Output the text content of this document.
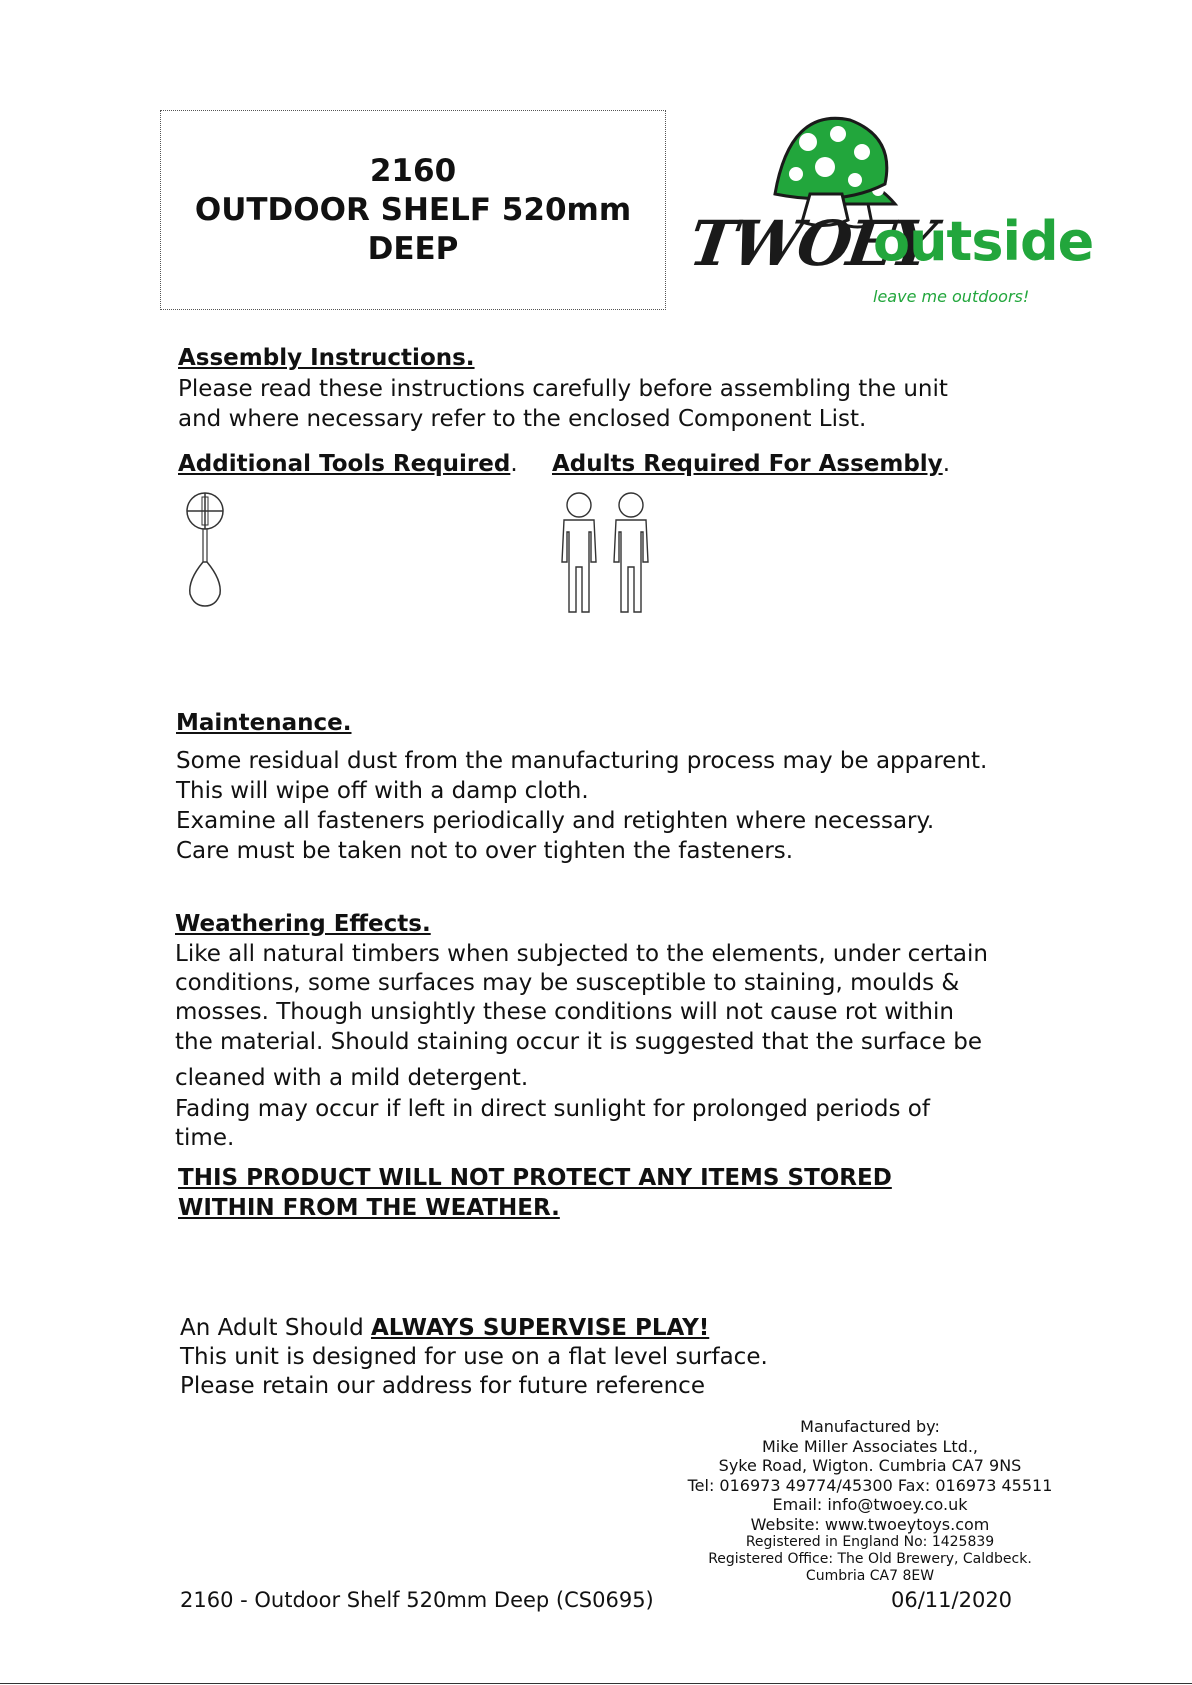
2160
OUTDOOR SHELF 520mm
DEEP	TWOEY
outside
leave me outdoors!
Assembly Instructions.
Please read these instructions carefully before assembling the unit
and where necessary refer to the enclosed Component List.
Additional Tools Required. Adults Required For Assembly.
Maintenance.
Some residual dust from the manufacturing process may be apparent.
This will wipe off with a damp cloth.
Examine all fasteners periodically and retighten where necessary.
Care must be taken not to over tighten the fasteners.
Weathering Effects.
Like all natural timbers when subjected to the elements, under certain
conditions, some surfaces may be susceptible to staining, moulds &
mosses. Though unsightly these conditions will not cause rot within
the material. Should staining occur it is suggested that the surface be
cleaned with a mild detergent.
Fading may occur if left in direct sunlight for prolonged periods of
time.
THIS PRODUCT WILL NOT PROTECT ANY ITEMS STORED
WITHIN FROM THE WEATHER.
An Adult Should ALWAYS SUPERVISE PLAY!
This unit is designed for use on a flat level surface.
Please retain our address for future reference
Manufactured by:
Mike Miller Associates Ltd.,
Syke Road, Wigton. Cumbria CA7 9NS
Tel: 016973 49774/45300 Fax: 016973 45511
Email: info@twoey.co.uk
Website: www.twoeytoys.com
Registered in England No: 1425839
Registered Office: The Old Brewery, Caldbeck.
Cumbria CA7 8EW
2160 - Outdoor Shelf 520mm Deep (CS0695)	06/11/2020
